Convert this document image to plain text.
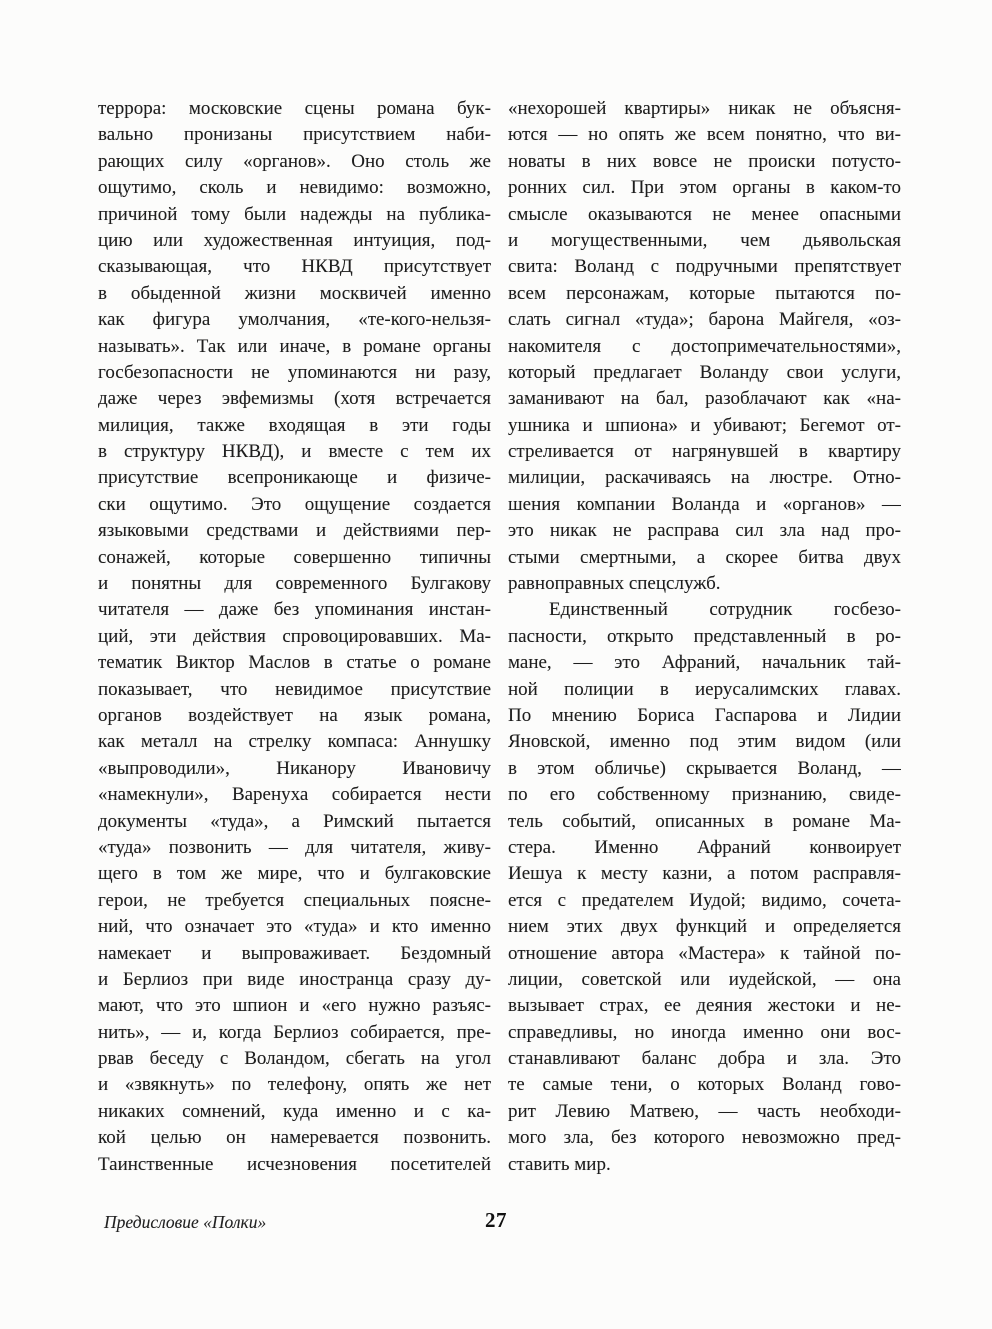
террора: московские сцены романа бук-
вально пронизаны присутствием наби-
рающих силу «органов». Оно столь же
ощутимо, сколь и невидимо: возможно,
причиной тому были надежды на публика-
цию или художественная интуиция, под-
сказывающая, что НКВД присутствует
в обыденной жизни москвичей именно
как фигура умолчания, «те-кого-нельзя-
называть». Так или иначе, в романе органы
госбезопасности не упоминаются ни разу,
даже через эвфемизмы (хотя встречается
милиция, также входящая в эти годы
в структуру НКВД), и вместе с тем их
присутствие всепроникающе и физиче-
ски ощутимо. Это ощущение создается
языковыми средствами и действиями пер-
сонажей, которые совершенно типичны
и понятны для современного Булгакову
читателя — даже без упоминания инстан-
ций, эти действия спровоцировавших. Ма-
тематик Виктор Маслов в статье о романе
показывает, что невидимое присутствие
органов воздействует на язык романа,
как металл на стрелку компаса: Аннушку
«выпроводили», Никанору Ивановичу
«намекнули», Варенуха собирается нести
документы «туда», а Римский пытается
«туда» позвонить — для читателя, живу-
щего в том же мире, что и булгаковские
герои, не требуется специальных поясне-
ний, что означает это «туда» и кто именно
намекает и выпроваживает. Бездомный
и Берлиоз при виде иностранца сразу ду-
мают, что это шпион и «его нужно разъяс-
нить», — и, когда Берлиоз собирается, пре-
рвав беседу с Воландом, сбегать на угол
и «звякнуть» по телефону, опять же нет
никаких сомнений, куда именно и с ка-
кой целью он намеревается позвонить.
Таинственные исчезновения посетителей
«нехорошей квартиры» никак не объясня-
ются — но опять же всем понятно, что ви-
новаты в них вовсе не происки потусто-
ронних сил. При этом органы в каком-то
смысле оказываются не менее опасными
и могущественными, чем дьявольская
свита: Воланд с подручными препятствует
всем персонажам, которые пытаются по-
слать сигнал «туда»; барона Майгеля, «оз-
накомителя с достопримечательностями»,
который предлагает Воланду свои услуги,
заманивают на бал, разоблачают как «на-
ушника и шпиона» и убивают; Бегемот от-
стреливается от нагрянувшей в квартиру
милиции, раскачиваясь на люстре. Отно-
шения компании Воланда и «органов» —
это никак не расправа сил зла над про-
стыми смертными, а скорее битва двух
равноправных спецслужб.
Единственный сотрудник госбезо-
пасности, открыто представленный в ро-
мане, — это Афраний, начальник тай-
ной полиции в иерусалимских главах.
По мнению Бориса Гаспарова и Лидии
Яновской, именно под этим видом (или
в этом обличье) скрывается Воланд, —
по его собственному признанию, свиде-
тель событий, описанных в романе Ма-
стера. Именно Афраний конвоирует
Иешуа к месту казни, а потом расправля-
ется с предателем Иудой; видимо, сочета-
нием этих двух функций и определяется
отношение автора «Мастера» к тайной по-
лиции, советской или иудейской, — она
вызывает страх, ее деяния жестоки и не-
справедливы, но иногда именно они вос-
станавливают баланс добра и зла. Это
те самые тени, о которых Воланд гово-
рит Левию Матвею, — часть необходи-
мого зла, без которого невозможно пред-
ставить мир.
Предисловие «Полки»	27
